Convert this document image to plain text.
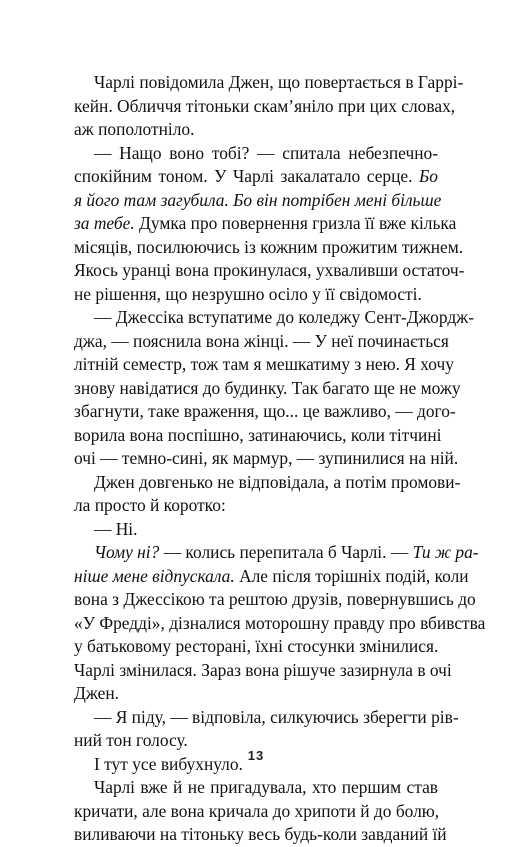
Чарлі повідомила Джен, що повертається в Гаррі-
кейн. Обличчя тітоньки скам’яніло при цих словах,
аж пополотніло.
— Нащо воно тобі? — спитала небезпечно-
спокійним тоном. У Чарлі закалатало серце. Бо
я його там загубила. Бо він потрібен мені більше
за тебе. Думка про повернення гризла її вже кілька
місяців, посилюючись із кожним прожитим тижнем.
Якось уранці вона прокинулася, ухваливши остаточ-
не рішення, що незрушно осіло у її свідомості.
— Джессіка вступатиме до коледжу Сент-Джордж-
джа, — пояснила вона жінці. — У неї починається
літній семестр, тож там я мешкатиму з нею. Я хочу
знову навідатися до будинку. Так багато ще не можу
збагнути, таке враження, що... це важливо, — дого-
ворила вона поспішно, затинаючись, коли тітчині
очі — темно-сині, як мармур, — зупинилися на ній.
Джен довгенько не відповідала, а потім промови-
ла просто й коротко:
— Ні.
Чому ні? — колись перепитала б Чарлі. — Ти ж ра-
ніше мене відпускала. Але після торішніх подій, коли
вона з Джессікою та рештою друзів, повернувшись до
«У Фредді», дізналися моторошну правду про вбивства
у батьковому ресторані, їхні стосунки змінилися.
Чарлі змінилася. Зараз вона рішуче зазирнула в очі
Джен.
— Я піду, — відповіла, силкуючись зберегти рів-
ний тон голосу.
І тут усе вибухнуло.
Чарлі вже й не пригадувала, хто першим став
кричати, але вона кричала до хрипоти й до болю,
виливаючи на тітоньку весь будь-коли завданий їй
13
